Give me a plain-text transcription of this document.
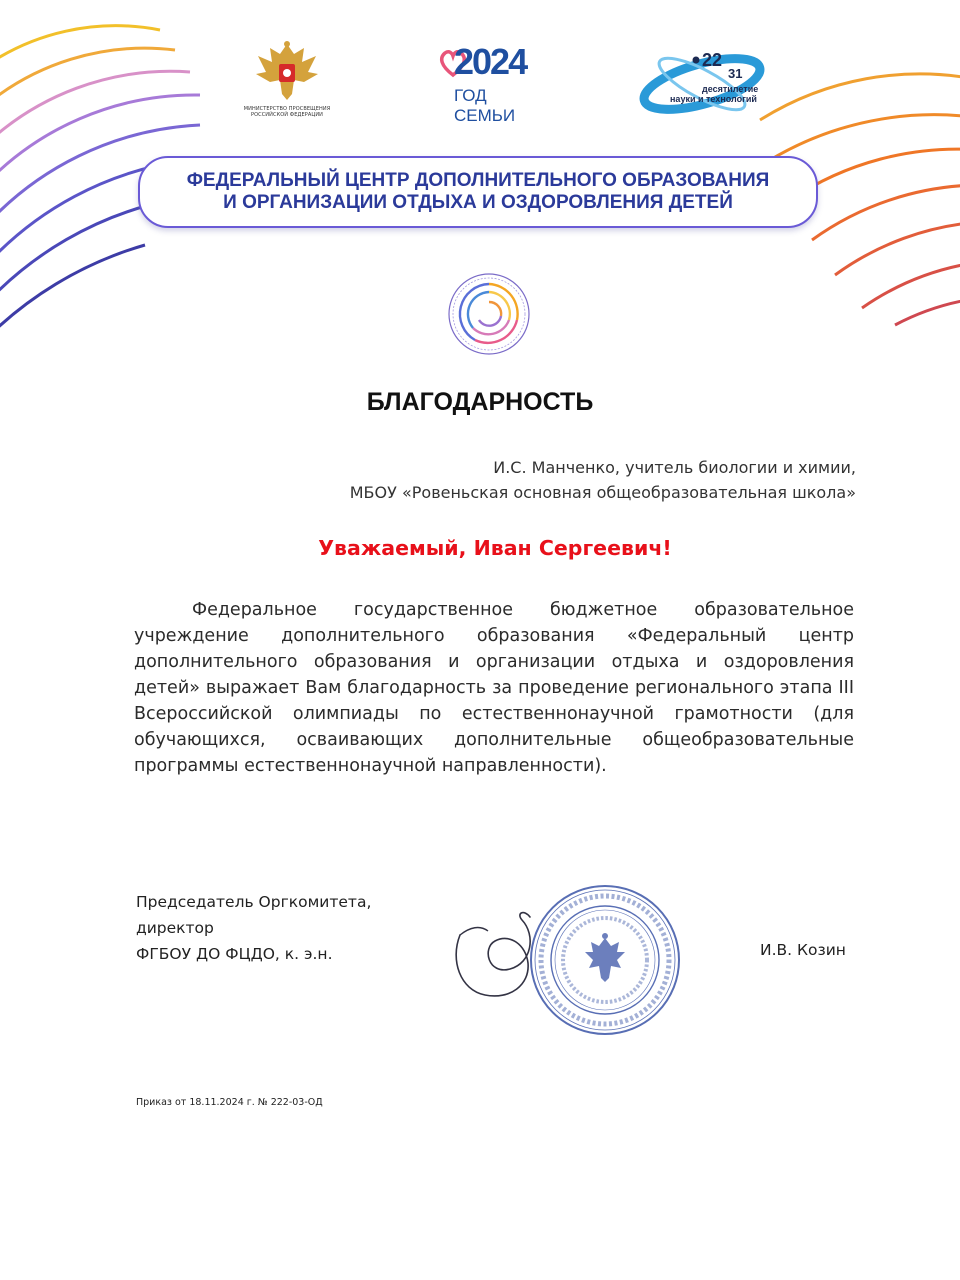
МИНИСТЕРСТВО ПРОСВЕЩЕНИЯ
РОССИЙСКОЙ ФЕДЕРАЦИИ
2024
ГОД СЕМЬИ
22
31
десятилетие
науки и технологий
ФЕДЕРАЛЬНЫЙ ЦЕНТР ДОПОЛНИТЕЛЬНОГО ОБРАЗОВАНИЯ
И ОРГАНИЗАЦИИ ОТДЫХА И ОЗДОРОВЛЕНИЯ ДЕТЕЙ
БЛАГОДАРНОСТЬ
И.С. Манченко, учитель биологии и химии,
МБОУ «Ровеньская основная общеобразовательная школа»
Уважаемый, Иван Сергеевич!
Федеральное государственное бюджетное образовательное учреждение дополнительного образования «Федеральный центр дополнительного образования и организации отдыха и оздоровления детей» выражает Вам благодарность за проведение регионального этапа III Всероссийской олимпиады по естественнонаучной грамотности (для обучающихся, осваивающих дополнительные общеобразовательные программы естественнонаучной направленности).
Председатель Оргкомитета,
директор
ФГБОУ ДО ФЦДО, к. э.н.	И.В. Козин
Приказ от 18.11.2024 г. № 222-03-ОД
